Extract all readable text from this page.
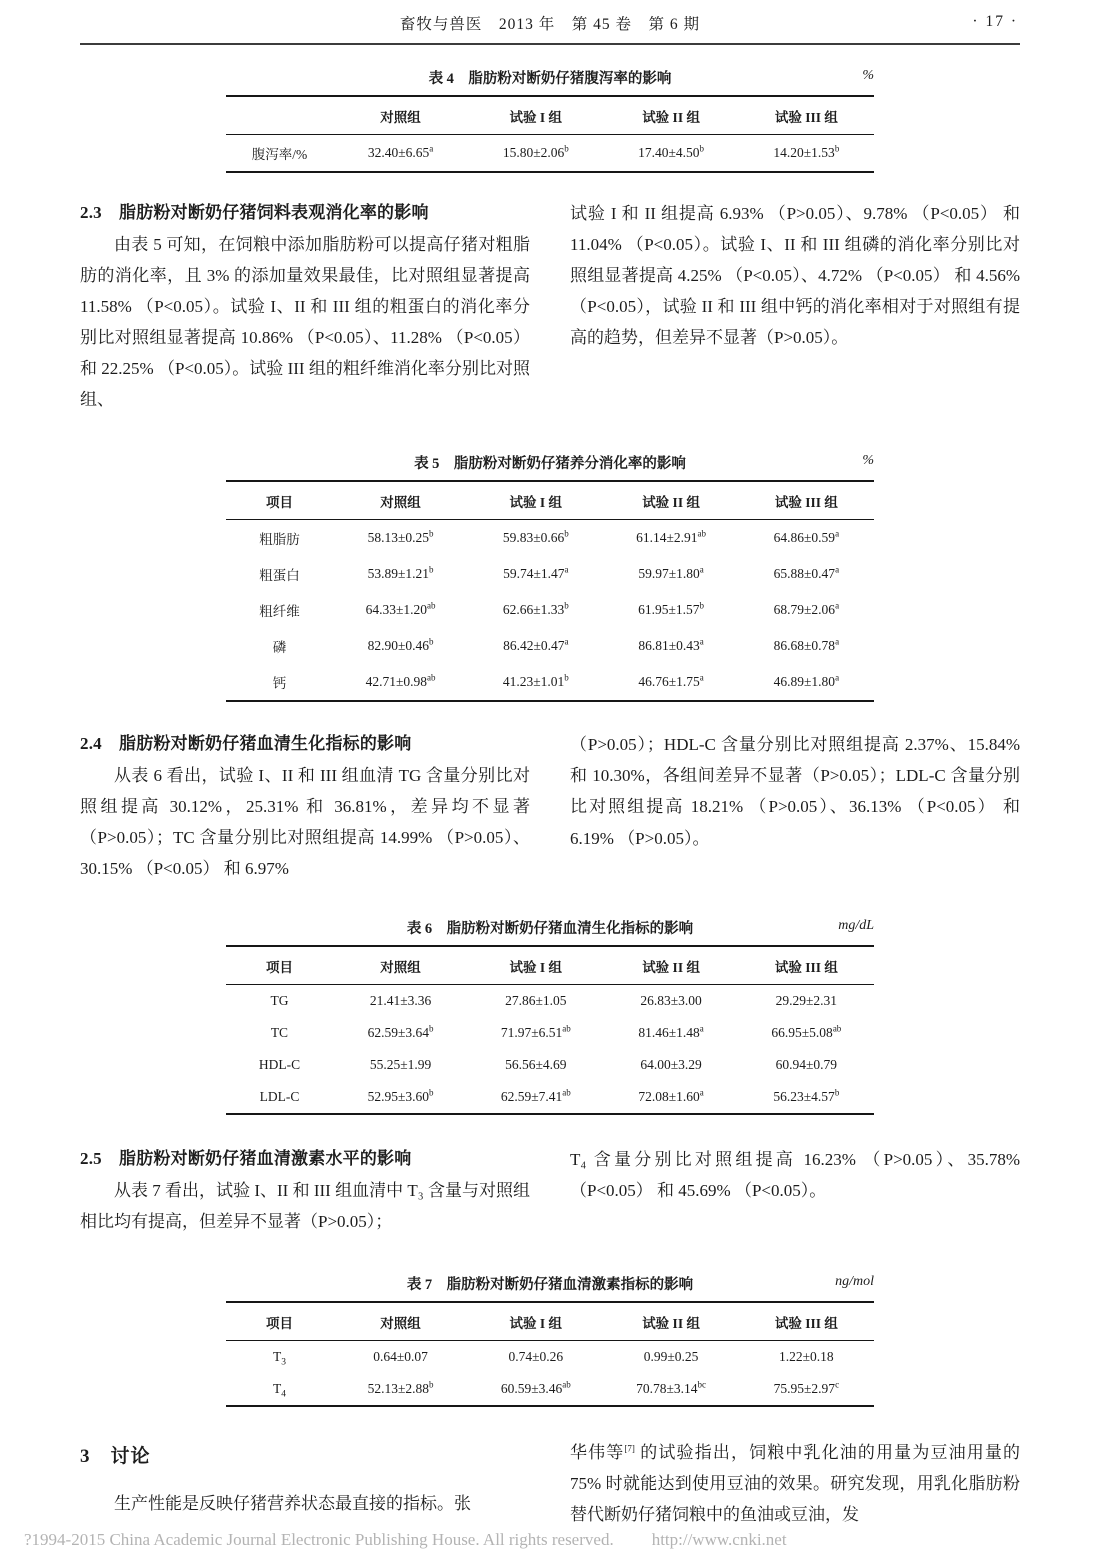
畜牧与兽医　2013 年　第 45 卷　第 6 期	· 17 ·
表 4　脂肪粉对断奶仔猪腹泻率的影响	%
	对照组	试验 I 组	试验 II 组	试验 III 组
腹泻率/%	32.40±6.65$^a$	15.80±2.06$^b$	17.40±4.50$^b$	14.20±1.53$^b$
2.3　脂肪粉对断奶仔猪饲料表观消化率的影响

由表 5 可知，在饲粮中添加脂肪粉可以提高仔猪对粗脂肪的消化率，且 3% 的添加量效果最佳，比对照组显著提高 11.58% （P<0.05）。试验 I、II 和 III 组的粗蛋白的消化率分别比对照组显著提高 10.86% （P<0.05）、11.28% （P<0.05） 和 22.25% （P<0.05）。试验 III 组的粗纤维消化率分别比对照组、

试验 I 和 II 组提高 6.93% （P>0.05）、9.78% （P<0.05） 和 11.04% （P<0.05）。试验 I、II 和 III 组磷的消化率分别比对照组显著提高 4.25% （P<0.05）、4.72% （P<0.05） 和 4.56% （P<0.05），试验 II 和 III 组中钙的消化率相对于对照组有提高的趋势，但差异不显著（P>0.05）。

表 5　脂肪粉对断奶仔猪养分消化率的影响	%
项目	对照组	试验 I 组	试验 II 组	试验 III 组
粗脂肪	58.13±0.25$^b$	59.83±0.66$^b$	61.14±2.91$^{ab}$	64.86±0.59$^a$
粗蛋白	53.89±1.21$^b$	59.74±1.47$^a$	59.97±1.80$^a$	65.88±0.47$^a$
粗纤维	64.33±1.20$^{ab}$	62.66±1.33$^b$	61.95±1.57$^b$	68.79±2.06$^a$
磷	82.90±0.46$^b$	86.42±0.47$^a$	86.81±0.43$^a$	86.68±0.78$^a$
钙	42.71±0.98$^{ab}$	41.23±1.01$^b$	46.76±1.75$^a$	46.89±1.80$^a$
2.4　脂肪粉对断奶仔猪血清生化指标的影响

从表 6 看出，试验 I、II 和 III 组血清 TG 含量分别比对照组提高 30.12%，25.31% 和 36.81%，差异均不显著（P>0.05）；TC 含量分别比对照组提高 14.99% （P>0.05）、30.15% （P<0.05） 和 6.97%

（P>0.05）；HDL-C 含量分别比对照组提高 2.37%、15.84% 和 10.30%，各组间差异不显著（P>0.05）；LDL-C 含量分别比对照组提高 18.21% （P>0.05）、36.13% （P<0.05） 和 6.19% （P>0.05）。

表 6　脂肪粉对断奶仔猪血清生化指标的影响	mg/dL
项目	对照组	试验 I 组	试验 II 组	试验 III 组
TG	21.41±3.36	27.86±1.05	26.83±3.00	29.29±2.31
TC	62.59±3.64$^b$	71.97±6.51$^{ab}$	81.46±1.48$^a$	66.95±5.08$^{ab}$
HDL-C	55.25±1.99	56.56±4.69	64.00±3.29	60.94±0.79
LDL-C	52.95±3.60$^b$	62.59±7.41$^{ab}$	72.08±1.60$^a$	56.23±4.57$^b$
2.5　脂肪粉对断奶仔猪血清激素水平的影响

从表 7 看出，试验 I、II 和 III 组血清中 T₃ 含量与对照组相比均有提高，但差异不显著（P>0.05）；

T₄ 含量分别比对照组提高 16.23% （P>0.05）、35.78% （P<0.05） 和 45.69% （P<0.05）。

表 7　脂肪粉对断奶仔猪血清激素指标的影响	ng/mol
项目	对照组	试验 I 组	试验 II 组	试验 III 组
$T_3$	0.64±0.07	0.74±0.26	0.99±0.25	1.22±0.18
$T_4$	52.13±2.88$^b$	60.59±3.46$^{ab}$	70.78±3.14$^{bc}$	75.95±2.97$^c$
3　讨论

生产性能是反映仔猪营养状态最直接的指标。张

华伟等[7] 的试验指出，饲粮中乳化油的用量为豆油用量的 75% 时就能达到使用豆油的效果。研究发现，用乳化脂肪粉替代断奶仔猪饲粮中的鱼油或豆油，发

?1994-2015 China Academic Journal Electronic Publishing House. All rights reserved. http://www.cnki.net
